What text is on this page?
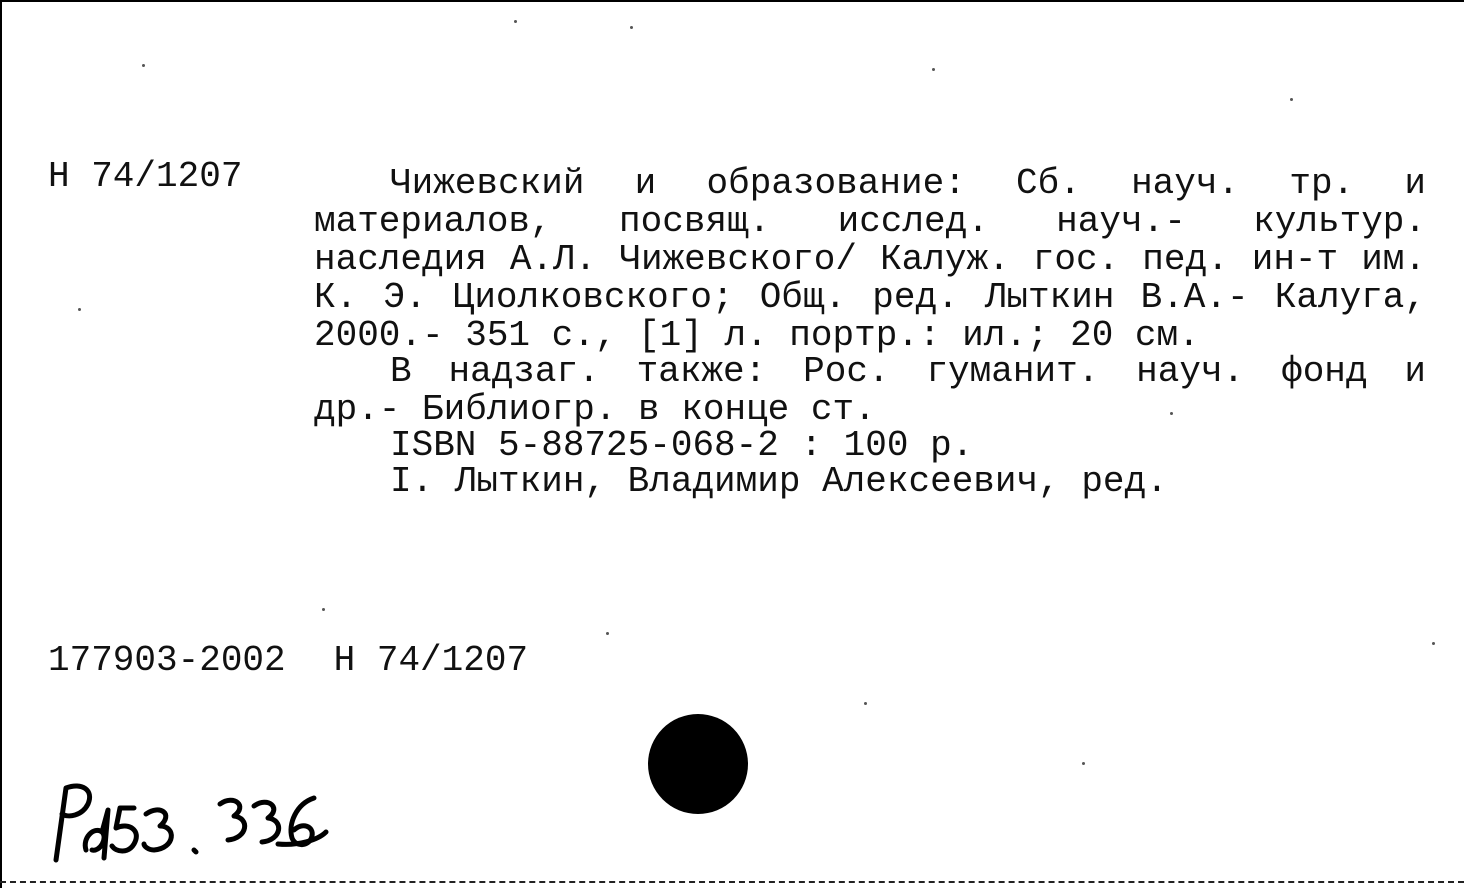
Н 74/1207	Чижевский и образование: Сб. науч. тр. и материалов, посвящ. исслед. науч.- культур. наследия А.Л. Чижевского/ Калуж. гос. пед. ин-т им. К. Э. Циолковского; Общ. ред. Лыткин В.А.- Калуга, 2000.- 351 с., [1] л. портр.: ил.; 20 см.

В надзаг. также: Рос. гуманит. науч. фонд и др.- Библиогр. в конце ст.

ISBN 5-88725-068-2 : 100 р.

I. Лыткин, Владимир Алексеевич, ред.

177903-2002 Н 74/1207
